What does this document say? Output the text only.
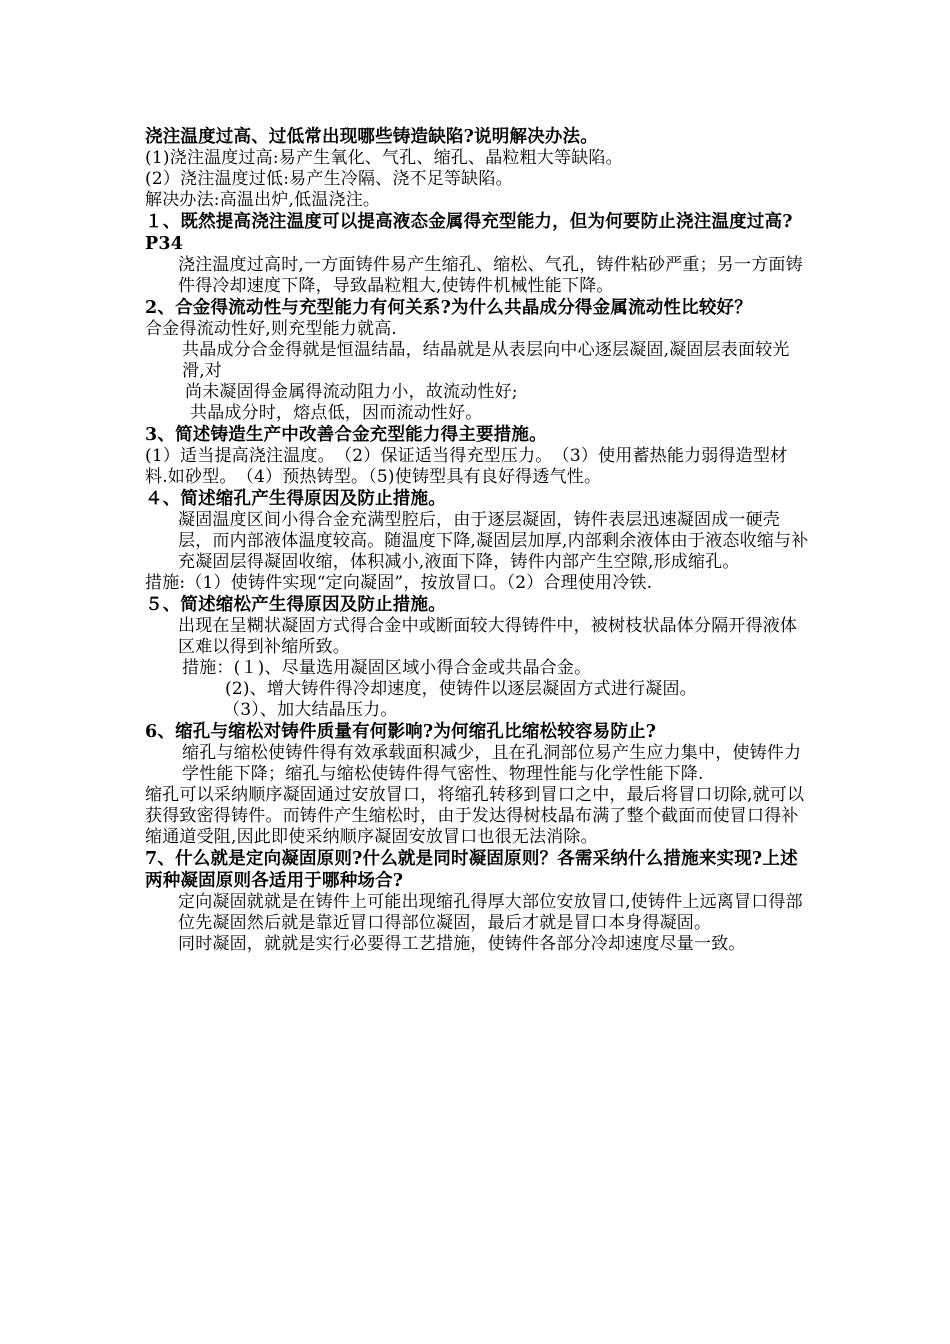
浇注温度过高、过低常出现哪些铸造缺陷?说明解决办法。

(1)浇注温度过高:易产生氧化、气孔、缩孔、晶粒粗大等缺陷。

(2）浇注温度过低:易产生冷隔、浇不足等缺陷。

解决办法:高温出炉,低温浇注。

１、既然提高浇注温度可以提高液态金属得充型能力，但为何要防止浇注温度过高?　P34

浇注温度过高时,一方面铸件易产生缩孔、缩松、气孔，铸件粘砂严重；另一方面铸件得冷却速度下降，导致晶粒粗大,使铸件机械性能下降。

2、合金得流动性与充型能力有何关系?为什么共晶成分得金属流动性比较好？

合金得流动性好,则充型能力就高.

共晶成分合金得就是恒温结晶，结晶就是从表层向中心逐层凝固,凝固层表面较光滑,对

尚未凝固得金属得流动阻力小，故流动性好;

共晶成分时，熔点低，因而流动性好。

3、简述铸造生产中改善合金充型能力得主要措施。

(1）适当提高浇注温度。　（2）保证适当得充型压力。　（3）使用蓄热能力弱得造型材料.如砂型。　（4）预热铸型。（5)使铸型具有良好得透气性。

４、简述缩孔产生得原因及防止措施。

凝固温度区间小得合金充满型腔后，由于逐层凝固，铸件表层迅速凝固成一硬壳层，而内部液体温度较高。随温度下降,凝固层加厚,内部剩余液体由于液态收缩与补充凝固层得凝固收缩，体积减小,液面下降，铸件内部产生空隙,形成缩孔。

措施:（1）使铸件实现“定向凝固”，按放冒口。（2）合理使用冷铁.

５、简述缩松产生得原因及防止措施。

出现在呈糊状凝固方式得合金中或断面较大得铸件中，被树枝状晶体分隔开得液体区难以得到补缩所致。

措施：(１)、尽量选用凝固区域小得合金或共晶合金。

(2)、增大铸件得冷却速度，使铸件以逐层凝固方式进行凝固。

（3）、加大结晶压力。

6、缩孔与缩松对铸件质量有何影响?为何缩孔比缩松较容易防止?

缩孔与缩松使铸件得有效承载面积减少，且在孔洞部位易产生应力集中，使铸件力学性能下降；缩孔与缩松使铸件得气密性、物理性能与化学性能下降.

缩孔可以采纳顺序凝固通过安放冒口，将缩孔转移到冒口之中，最后将冒口切除,就可以获得致密得铸件。而铸件产生缩松时，由于发达得树枝晶布满了整个截面而使冒口得补缩通道受阻,因此即使采纳顺序凝固安放冒口也很无法消除。

7、什么就是定向凝固原则?什么就是同时凝固原则？各需采纳什么措施来实现?上述两种凝固原则各适用于哪种场合?

定向凝固就就是在铸件上可能出现缩孔得厚大部位安放冒口,使铸件上远离冒口得部位先凝固然后就是靠近冒口得部位凝固，最后才就是冒口本身得凝固。

同时凝固，就就是实行必要得工艺措施，使铸件各部分冷却速度尽量一致。
